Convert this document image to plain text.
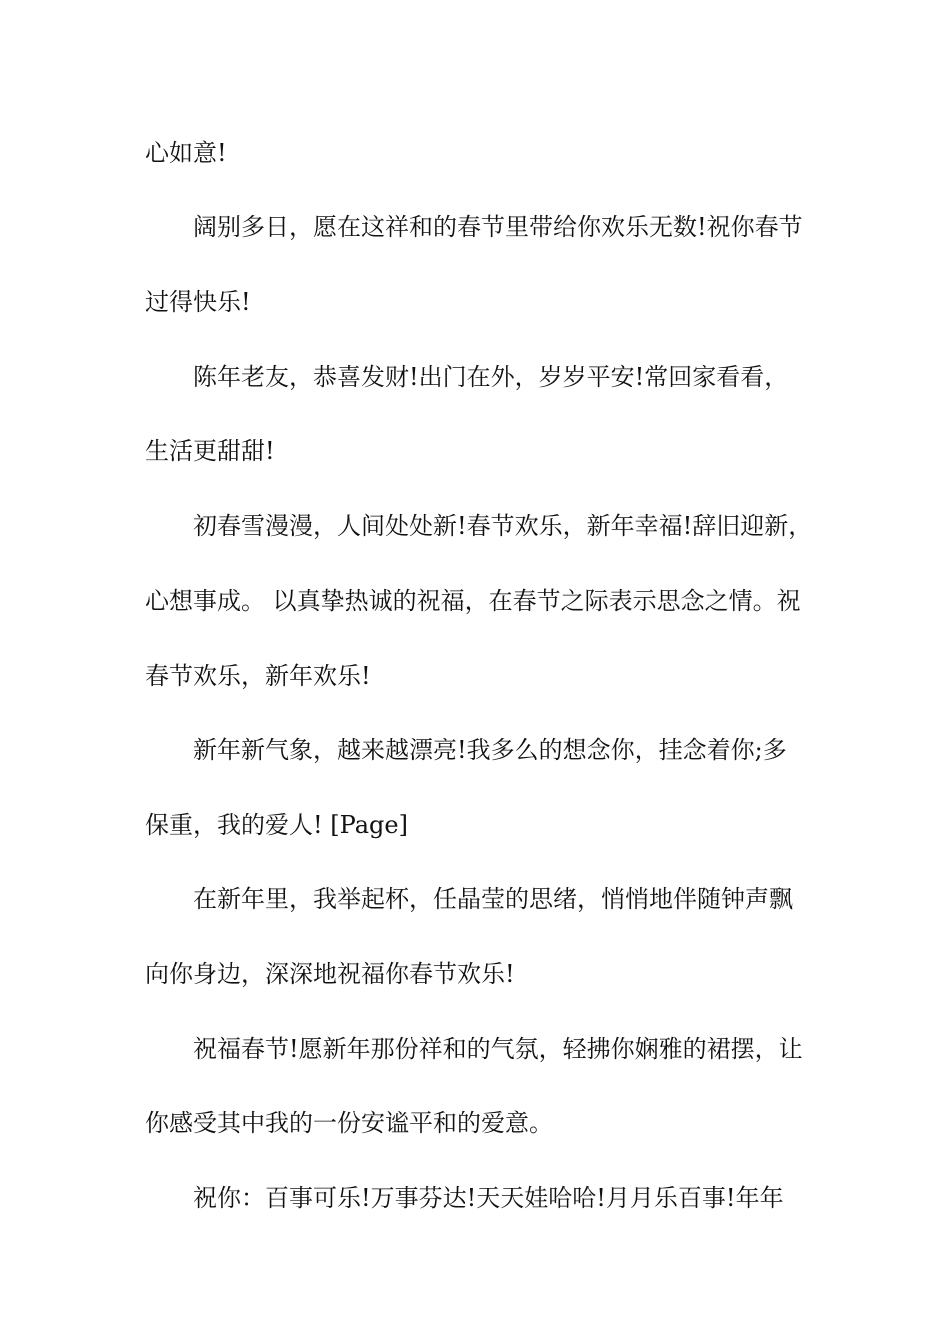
心如意!
阔别多日，愿在这祥和的春节里带给你欢乐无数!祝你春节
过得快乐!
陈年老友，恭喜发财!出门在外，岁岁平安!常回家看看，
生活更甜甜!
初春雪漫漫，人间处处新!春节欢乐，新年幸福!辞旧迎新，
心想事成。 以真挚热诚的祝福，在春节之际表示思念之情。祝
春节欢乐，新年欢乐!
新年新气象，越来越漂亮!我多么的想念你，挂念着你;多
保重，我的爱人! [Page]
在新年里，我举起杯，任晶莹的思绪，悄悄地伴随钟声飘
向你身边，深深地祝福你春节欢乐!
祝福春节!愿新年那份祥和的气氛，轻拂你娴雅的裙摆，让
你感受其中我的一份安谧平和的爱意。
祝你：百事可乐!万事芬达!天天娃哈哈!月月乐百事!年年
